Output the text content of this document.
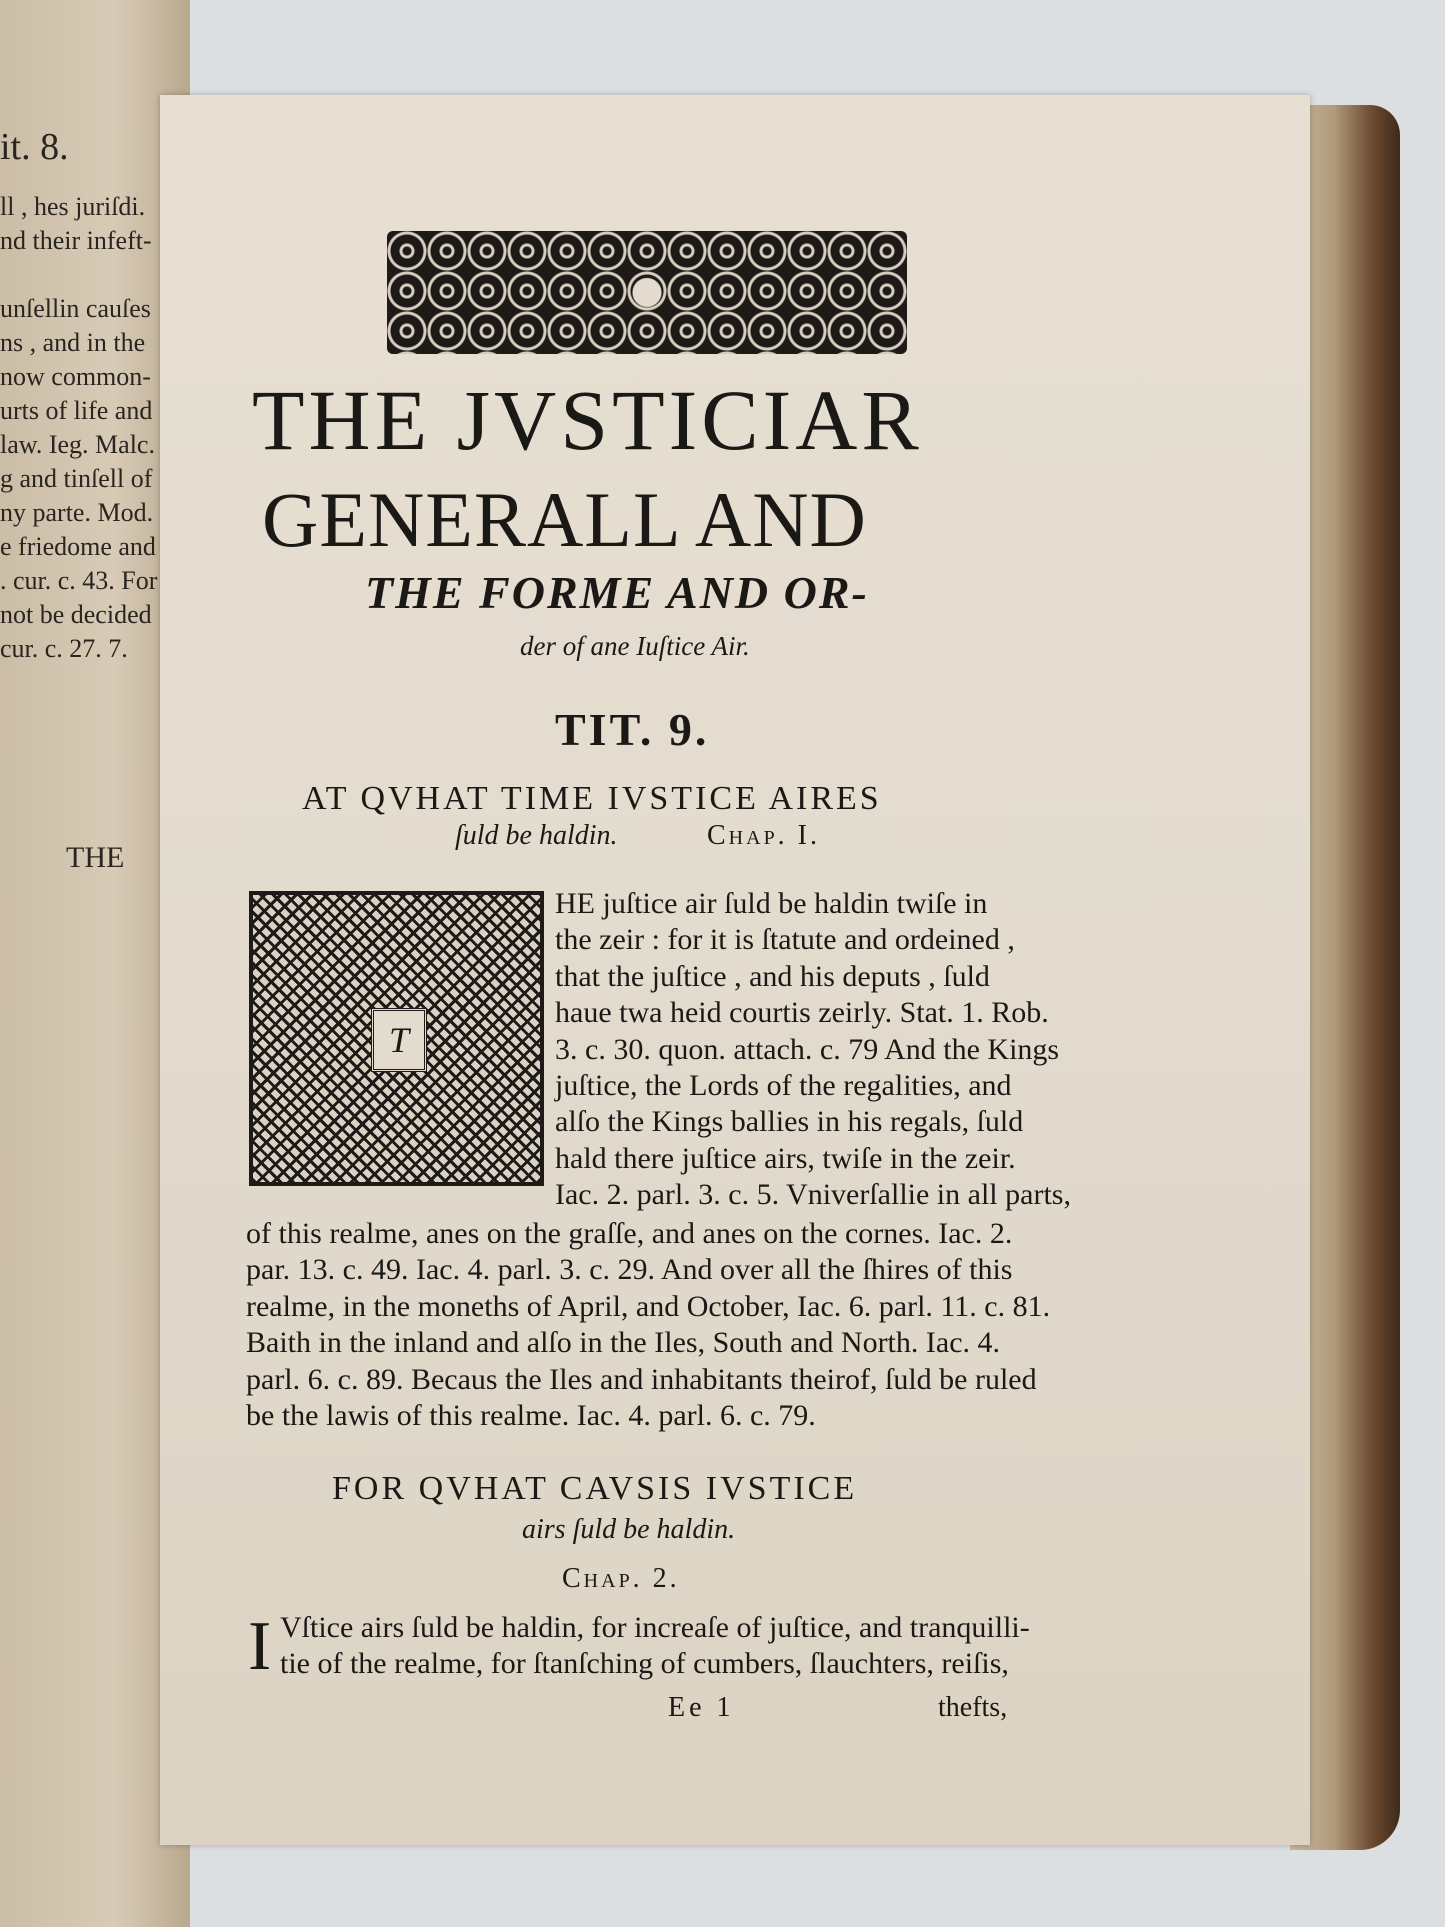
it. 8.
ll , hes juriſdi.
nd their infeft-

unſellin cauſes
ns , and in the
now common-
urts of life and
law. Ieg. Malc.
g and tinſell of
ny parte. Mod.
e friedome and
. cur. c. 43. For
not be decided
cur. c. 27. 7.
THE
THE JVSTICIAR
GENERALL AND
THE FORME AND OR-
der of ane Iuſtice Air.
TIT. 9.
AT QVHAT TIME IVSTICE AIRES
ſuld be haldin.	Chap. I.
T
HE juſtice air ſuld be haldin twiſe in
the zeir : for it is ſtatute and ordeined ,
that the juſtice , and his deputs , ſuld
haue twa heid courtis zeirly. Stat. 1. Rob.
3. c. 30. quon. attach. c. 79 And the Kings
juſtice, the Lords of the regalities, and
alſo the Kings ballies in his regals, ſuld
hald there juſtice airs, twiſe in the zeir.
Iac. 2. parl. 3. c. 5. Vniverſallie in all parts,
of this realme, anes on the graſſe, and anes on the cornes. Iac. 2.
par. 13. c. 49. Iac. 4. parl. 3. c. 29. And over all the ſhires of this
realme, in the moneths of April, and October, Iac. 6. parl. 11. c. 81.
Baith in the inland and alſo in the Iles, South and North. Iac. 4.
parl. 6. c. 89. Becaus the Iles and inhabitants theirof, ſuld be ruled
be the lawis of this realme. Iac. 4. parl. 6. c. 79.
FOR QVHAT CAVSIS IVSTICE
airs ſuld be haldin.
Chap. 2.
I Vſtice airs ſuld be haldin, for increaſe of juſtice, and tranquilli-
tie of the realme, for ſtanſching of cumbers, ſlauchters, reiſis,
Ee 1	thefts,
